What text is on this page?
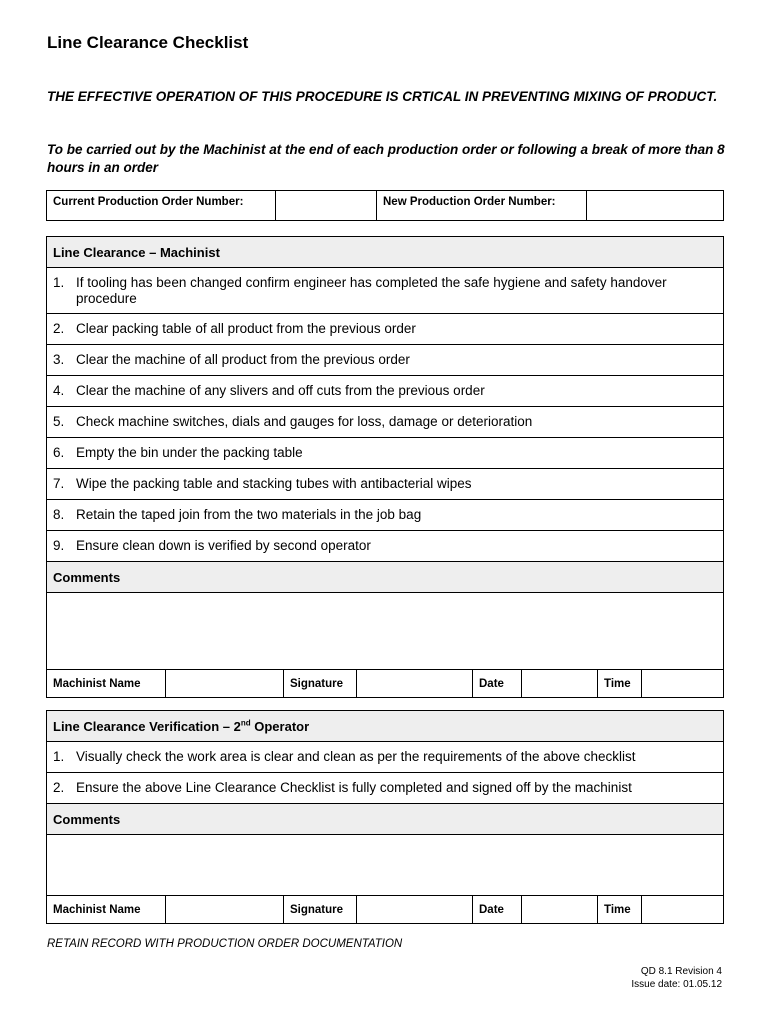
Line Clearance Checklist
THE EFFECTIVE OPERATION OF THIS PROCEDURE IS CRTICAL IN PREVENTING MIXING OF PRODUCT.
To be carried out by the Machinist at the end of each production order or following a break of more than 8 hours in an order
Current Production Order Number:		New Production Order Number:	
Line Clearance – Machinist

1. If tooling has been changed confirm engineer has completed the safe hygiene and safety handover procedure

2. Clear packing table of all product from the previous order

3. Clear the machine of all product from the previous order

4. Clear the machine of any slivers and off cuts from the previous order

5. Check machine switches, dials and gauges for loss, damage or deterioration

6. Empty the bin under the packing table

7. Wipe the packing table and stacking tubes with antibacterial wipes

8. Retain the taped join from the two materials in the job bag

9. Ensure clean down is verified by second operator

Comments

Machinist Name		Signature		Date		Time	
Line Clearance Verification – 2nd Operator

1. Visually check the work area is clear and clean as per the requirements of the above checklist

2. Ensure the above Line Clearance Checklist is fully completed and signed off by the machinist

Comments

Machinist Name		Signature		Date		Time	
RETAIN RECORD WITH PRODUCTION ORDER DOCUMENTATION
QD 8.1 Revision 4
Issue date: 01.05.12
